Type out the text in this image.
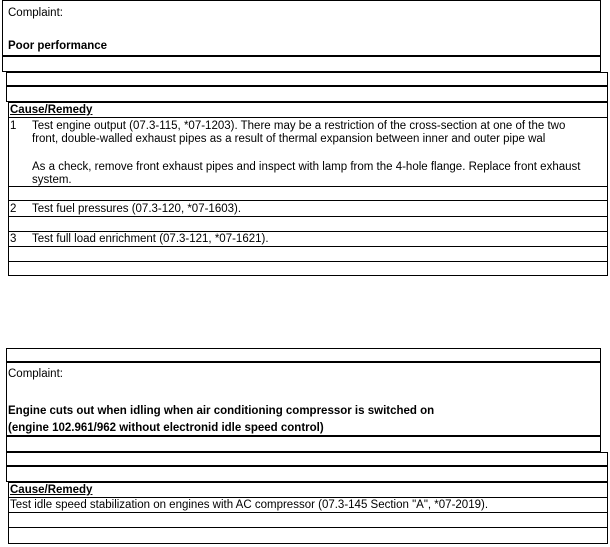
Complaint:
Poor performance
Cause/Remedy
1 Test engine output (07.3-115, *07-1203). There may be a restriction of the cross-section at one of the two
front, double-walled exhaust pipes as a result of thermal expansion between inner and outer pipe wal
As a check, remove front exhaust pipes and inspect with lamp from the 4-hole flange. Replace front exhaust
system.
2 Test fuel pressures (07.3-120, *07-1603).
3 Test full load enrichment (07.3-121, *07-1621).
Complaint:
Engine cuts out when idling when air conditioning compressor is switched on
(engine 102.961/962 without electronid idle speed control)
Cause/Remedy
Test idle speed stabilization on engines with AC compressor (07.3-145 Section "A", *07-2019).
